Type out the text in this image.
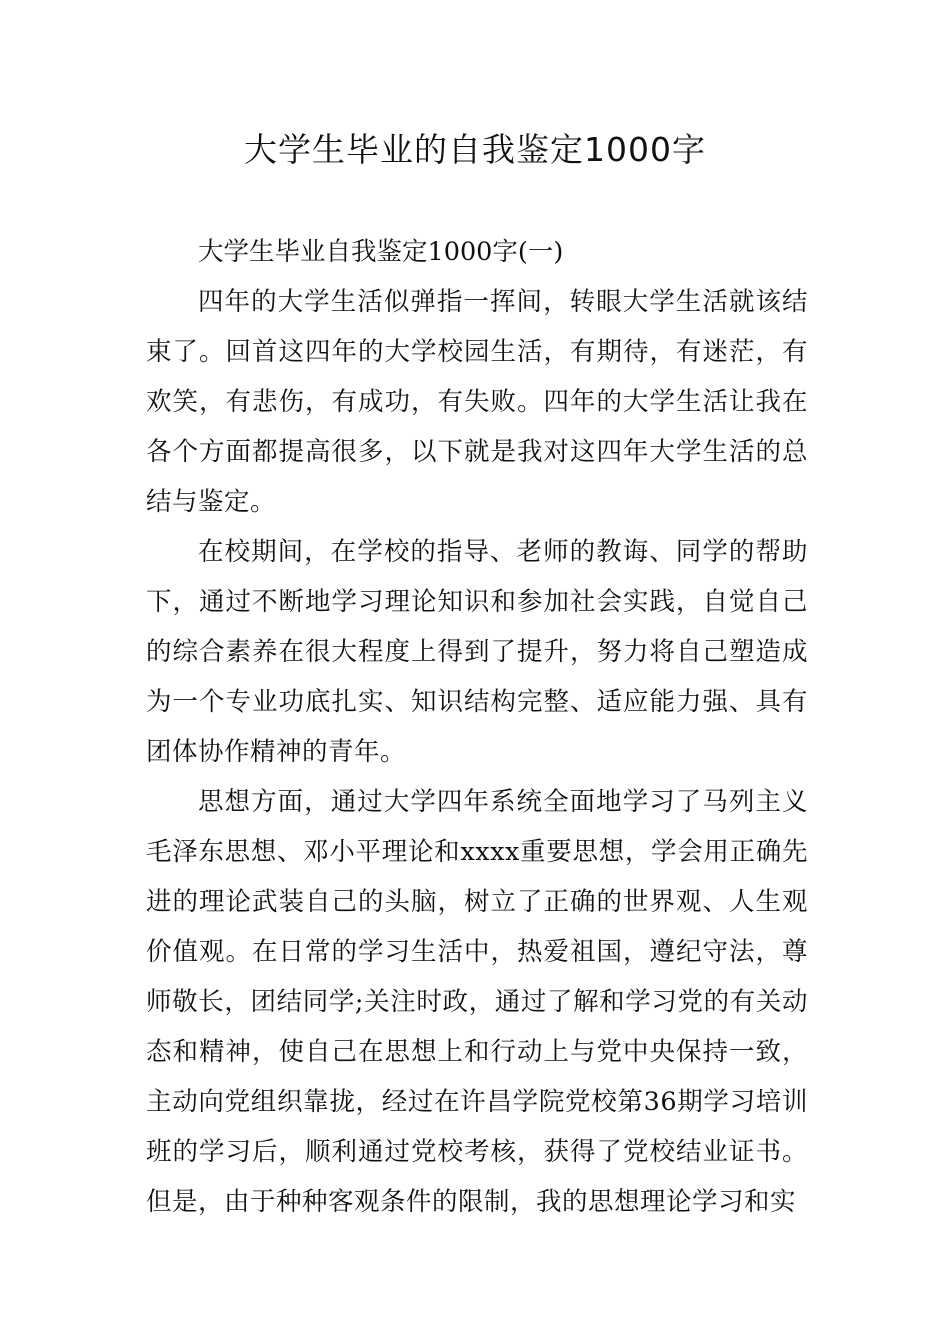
大学生毕业的自我鉴定1000字

大学生毕业自我鉴定1000字(一)

四年的大学生活似弹指一挥间，转眼大学生活就该结束了。回首这四年的大学校园生活，有期待，有迷茫，有欢笑，有悲伤，有成功，有失败。四年的大学生活让我在各个方面都提高很多，以下就是我对这四年大学生活的总结与鉴定。

在校期间，在学校的指导、老师的教诲、同学的帮助下，通过不断地学习理论知识和参加社会实践，自觉自己的综合素养在很大程度上得到了提升，努力将自己塑造成为一个专业功底扎实、知识结构完整、适应能力强、具有团体协作精神的青年。

思想方面，通过大学四年系统全面地学习了马列主义毛泽东思想、邓小平理论和xxxx重要思想，学会用正确先进的理论武装自己的头脑，树立了正确的世界观、人生观价值观。在日常的学习生活中，热爱祖国，遵纪守法，尊师敬长，团结同学;关注时政，通过了解和学习党的有关动态和精神，使自己在思想上和行动上与党中央保持一致，主动向党组织靠拢，经过在许昌学院党校第36期学习培训班的学习后，顺利通过党校考核，获得了党校结业证书。但是，由于种种客观条件的限制，我的思想理论学习和实
